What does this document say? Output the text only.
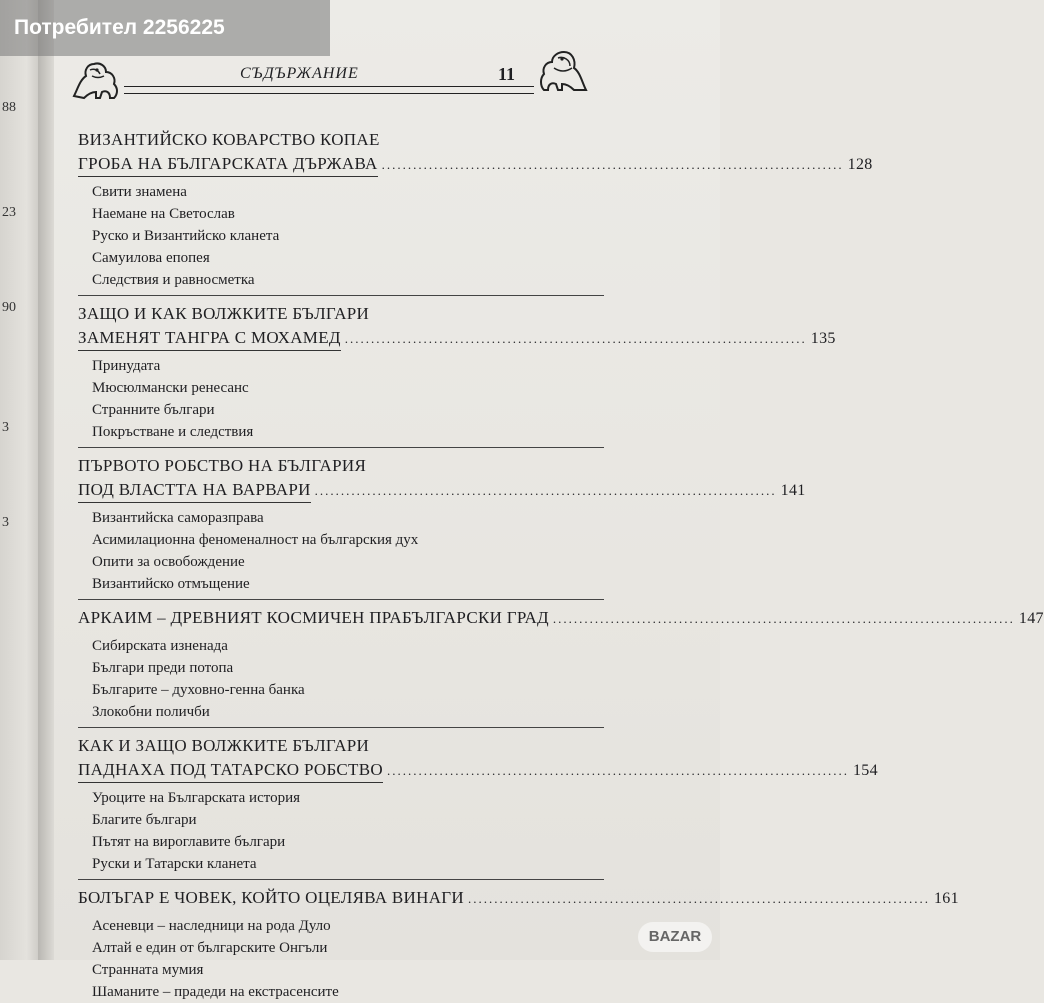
88
23
90
3
3
Потребител 2256225
BAZAR
СЪДЪРЖАНИЕ	11
ВИЗАНТИЙСКО КОВАРСТВО КОПАЕ
ГРОБА НА БЪЛГАРСКАТА ДЪРЖАВА ........................................................................................ 128
Свити знамена
Наемане на Светослав
Руско и Византийско кланета
Самуилова епопея
Следствия и равносметка
ЗАЩО И КАК ВОЛЖКИТЕ БЪЛГАРИ
ЗАМЕНЯТ ТАНГРА С МОХАМЕД ........................................................................................ 135
Принудата
Мюсюлмански ренесанс
Странните българи
Покръстване и следствия
ПЪРВОТО РОБСТВО НА БЪЛГАРИЯ
ПОД ВЛАСТТА НА ВАРВАРИ ........................................................................................ 141
Византийска саморазправа
Асимилационна феноменалност на българския дух
Опити за освобождение
Византийско отмъщение
АРКАИМ – ДРЕВНИЯТ КОСМИЧЕН ПРАБЪЛГАРСКИ ГРАД ........................................................................................ 147
Сибирската изненада
Българи преди потопа
Българите – духовно-генна банка
Злокобни поличби
КАК И ЗАЩО ВОЛЖКИТЕ БЪЛГАРИ
ПАДНАХА ПОД ТАТАРСКО РОБСТВО ........................................................................................ 154
Уроците на Българската история
Благите българи
Пътят на вироглавите българи
Руски и Татарски кланета
БОЛЪГАР Е ЧОВЕК, КОЙТО ОЦЕЛЯВА ВИНАГИ ........................................................................................ 161
Асеневци – наследници на рода Дуло
Алтай е един от българските Онгъли
Странната мумия
Шаманите – прадеди на екстрасенсите
